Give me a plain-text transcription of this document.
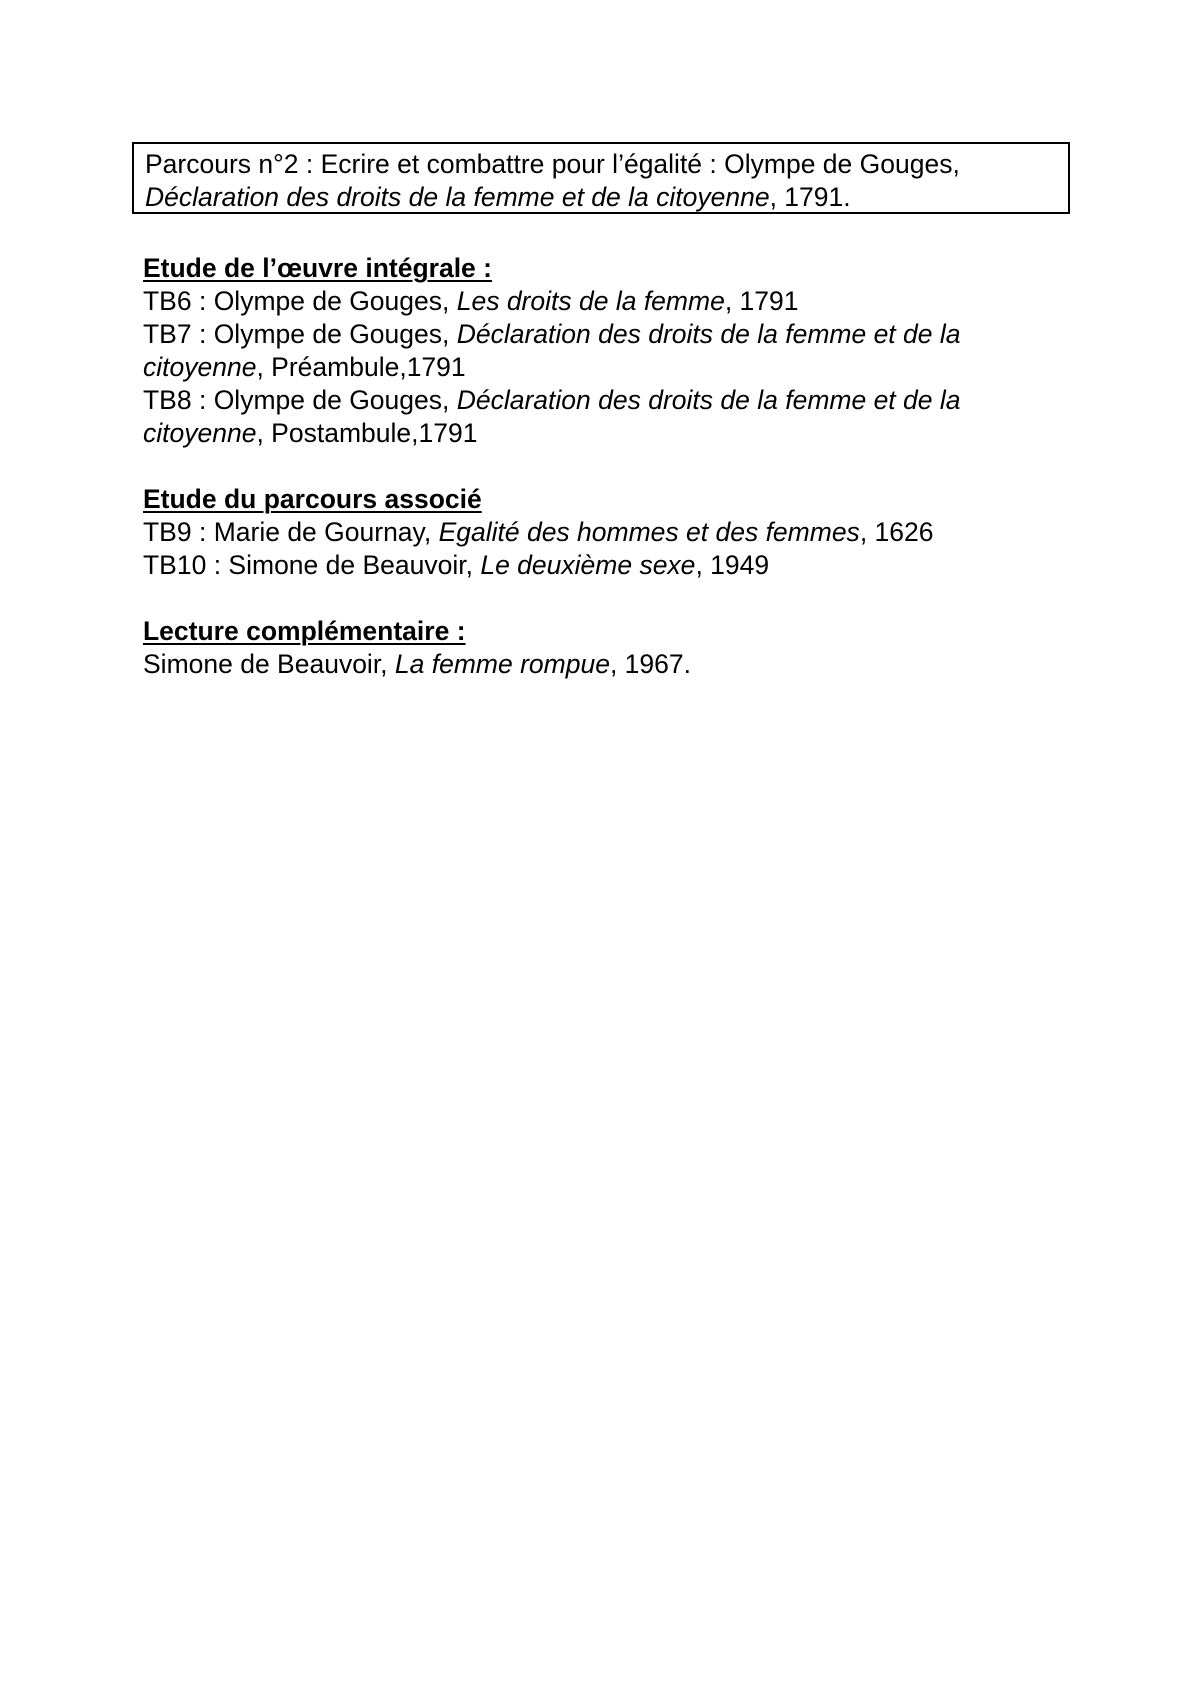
Parcours n°2 : Ecrire et combattre pour l’égalité : Olympe de Gouges,
Déclaration des droits de la femme et de la citoyenne, 1791.
Etude de l’œuvre intégrale :
TB6 : Olympe de Gouges, Les droits de la femme, 1791
TB7 : Olympe de Gouges, Déclaration des droits de la femme et de la citoyenne, Préambule,1791
TB8 : Olympe de Gouges, Déclaration des droits de la femme et de la citoyenne, Postambule,1791
Etude du parcours associé
TB9 : Marie de Gournay, Egalité des hommes et des femmes, 1626
TB10 : Simone de Beauvoir, Le deuxième sexe, 1949
Lecture complémentaire :
Simone de Beauvoir, La femme rompue, 1967.
